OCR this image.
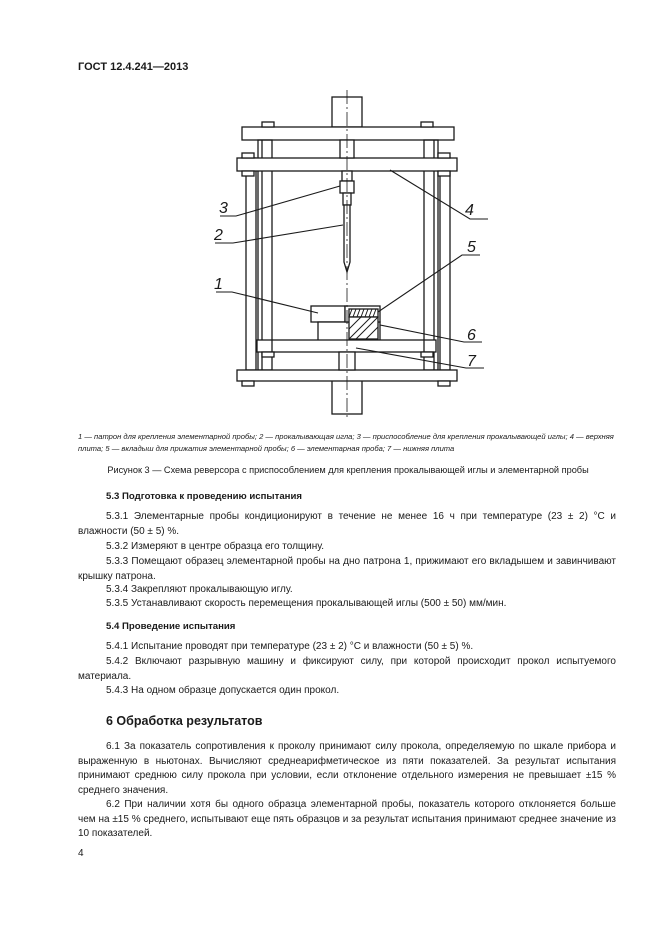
ГОСТ 12.4.241—2013
3
2
1
4
5
6
7
1 — патрон для крепления элементарной пробы; 2 — прокалывающая игла; 3 — приспособление для крепления прокалывающей иглы; 4 — верхняя плита; 5 — вкладыш для прижатия элементарной пробы; 6 — элементарная проба; 7 — нижняя плита
Рисунок 3 — Схема реверсора с приспособлением для крепления прокалывающей иглы и элементарной пробы
5.3 Подготовка к проведению испытания
5.3.1 Элементарные пробы кондиционируют в течение не менее 16 ч при температуре (23 ± 2) °С и влажности (50 ± 5) %.
5.3.2 Измеряют в центре образца его толщину.
5.3.3 Помещают образец элементарной пробы на дно патрона 1, прижимают его вкладышем и завинчивают крышку патрона.
5.3.4 Закрепляют прокалывающую иглу.
5.3.5 Устанавливают скорость перемещения прокалывающей иглы (500 ± 50) мм/мин.
5.4 Проведение испытания
5.4.1 Испытание проводят при температуре (23 ± 2) °С и влажности (50 ± 5) %.
5.4.2 Включают разрывную машину и фиксируют силу, при которой происходит прокол испытуемого материала.
5.4.3 На одном образце допускается один прокол.
6 Обработка результатов
6.1 За показатель сопротивления к проколу принимают силу прокола, определяемую по шкале прибора и выраженную в ньютонах. Вычисляют среднеарифметическое из пяти показателей. За результат испытания принимают среднюю силу прокола при условии, если отклонение отдельного измерения не превышает ±15 % среднего значения.
6.2 При наличии хотя бы одного образца элементарной пробы, показатель которого отклоняется больше чем на ±15 % среднего, испытывают еще пять образцов и за результат испытания принимают среднее значение из 10 показателей.
4
